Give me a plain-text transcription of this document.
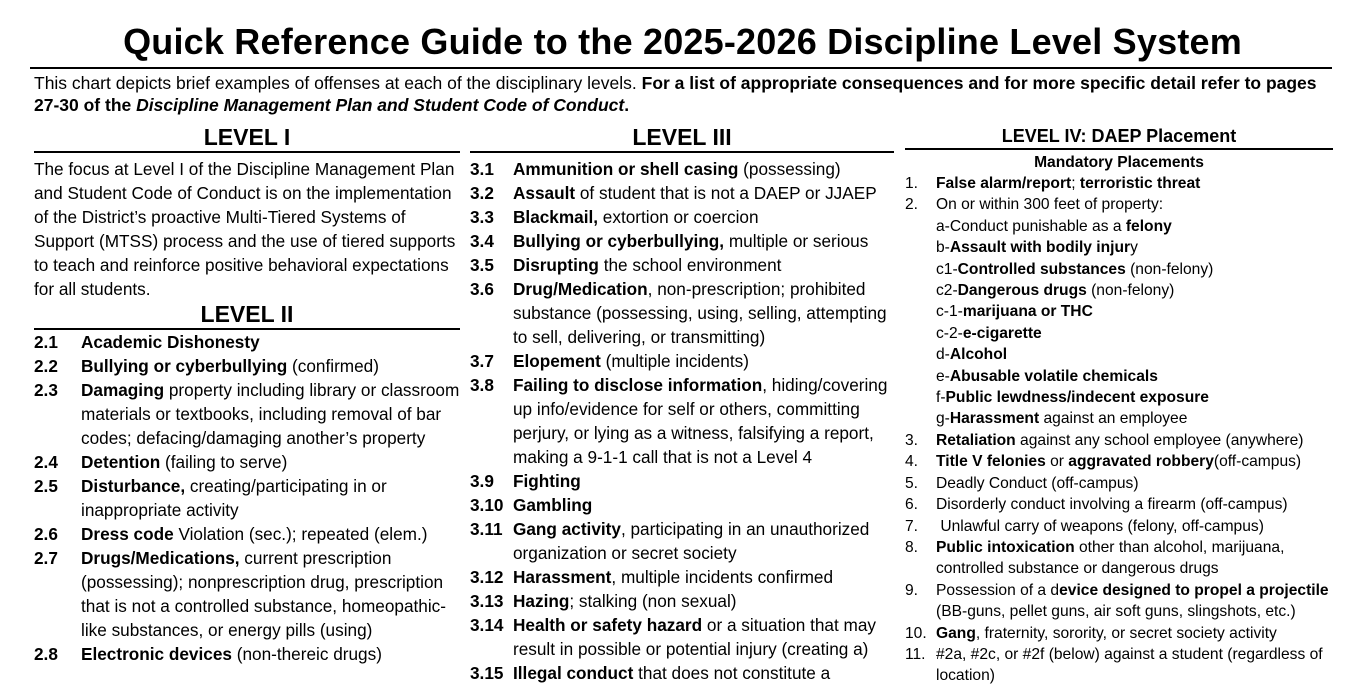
Quick Reference Guide to the 2025-2026 Discipline Level System
This chart depicts brief examples of offenses at each of the disciplinary levels. For a list of appropriate consequences and for more specific detail refer to pages 27-30 of the Discipline Management Plan and Student Code of Conduct.
LEVEL I
The focus at Level I of the Discipline Management Plan and Student Code of Conduct is on the implementation of the District’s proactive Multi-Tiered Systems of Support (MTSS) process and the use of tiered supports to teach and reinforce positive behavioral expectations for all students.
LEVEL II
2.1	Academic Dishonesty
2.2	Bullying or cyberbullying (confirmed)
2.3	Damaging property including library or classroom materials or textbooks, including removal of bar codes; defacing/damaging another’s property
2.4	Detention (failing to serve)
2.5	Disturbance, creating/participating in or inappropriate activity
2.6	Dress code Violation (sec.); repeated (elem.)
2.7	Drugs/Medications, current prescription (possessing); nonprescription drug, prescription that is not a controlled substance, homeopathic-like substances, or energy pills (using)
2.8	Electronic devices (non-thereic drugs)
LEVEL III
3.1	Ammunition or shell casing (possessing)
3.2	Assault of student that is not a DAEP or JJAEP
3.3	Blackmail, extortion or coercion
3.4	Bullying or cyberbullying, multiple or serious
3.5	Disrupting the school environment
3.6	Drug/Medication, non-prescription; prohibited substance (possessing, using, selling, attempting to sell, delivering, or transmitting)
3.7	Elopement (multiple incidents)
3.8	Failing to disclose information, hiding/covering up info/evidence for self or others, committing perjury, or lying as a witness, falsifying a report, making a 9-1-1 call that is not a Level 4
3.9	Fighting
3.10 Gambling
3.11 Gang activity, participating in an unauthorized organization or secret society
3.12 Harassment, multiple incidents confirmed
3.13 Hazing; stalking (non sexual)
3.14 Health or safety hazard or a situation that may result in possible or potential injury (creating a)
3.15 Illegal conduct that does not constitute a
LEVEL IV: DAEP Placement
Mandatory Placements
1.	False alarm/report; terroristic threat
2.	On or within 300 feet of property:
a-Conduct punishable as a felony
b-Assault with bodily injury
c1-Controlled substances (non-felony)
c2-Dangerous drugs (non-felony)
c-1-marijuana or THC
c-2-e-cigarette
d-Alcohol
e-Abusable volatile chemicals
f-Public lewdness/indecent exposure
g-Harassment against an employee
3.	Retaliation against any school employee (anywhere)
4.	Title V felonies or aggravated robbery(off-campus)
5.	Deadly Conduct (off-campus)
6.	Disorderly conduct involving a firearm (off-campus)
7.	Unlawful carry of weapons (felony, off-campus)
8.	Public intoxication other than alcohol, marijuana, controlled substance or dangerous drugs
9.	Possession of a device designed to propel a projectile (BB-guns, pellet guns, air soft guns, slingshots, etc.)
10. Gang, fraternity, sorority, or secret society activity
11. #2a, #2c, or #2f (below) against a student (regardless of location)
